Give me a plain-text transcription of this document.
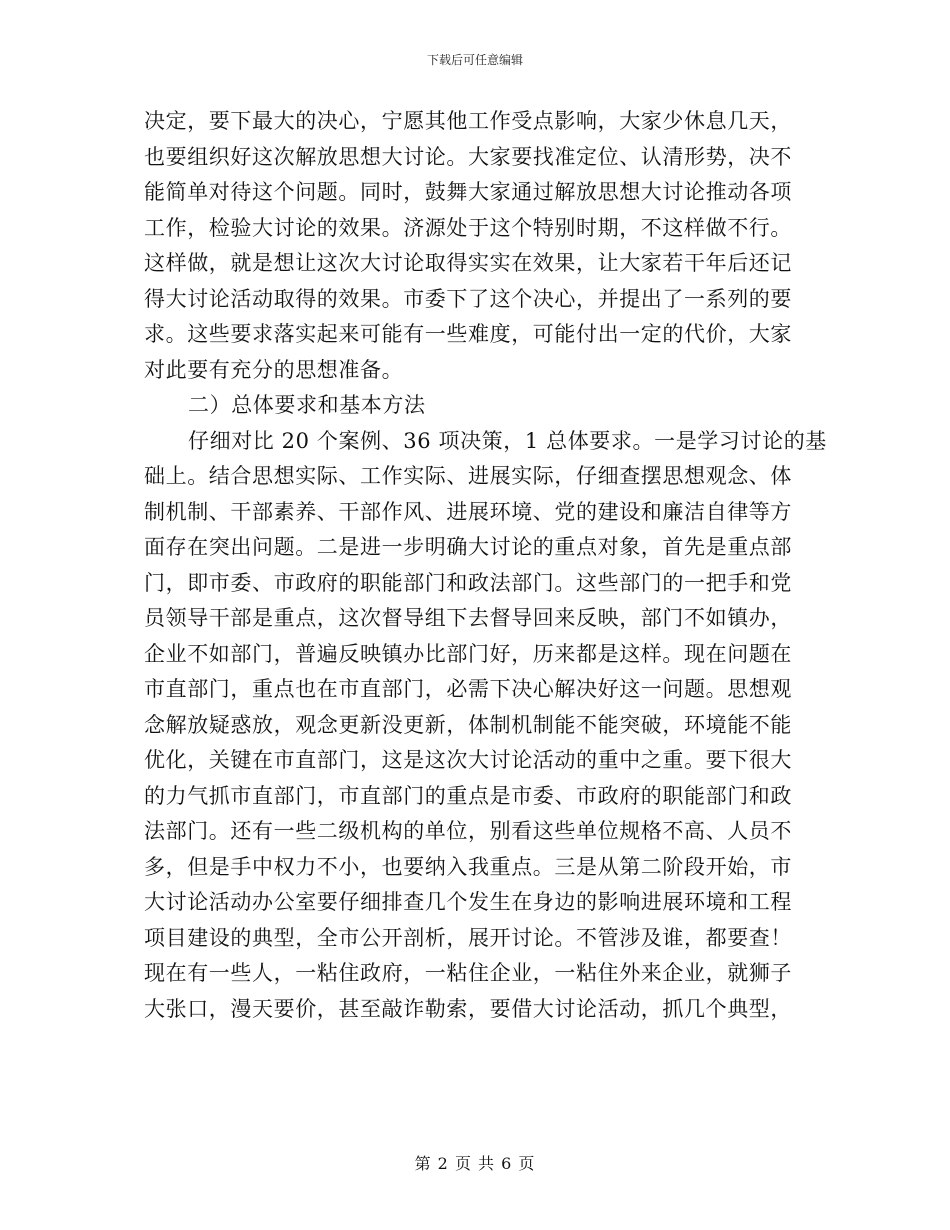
下载后可任意编辑
决定，要下最大的决心，宁愿其他工作受点影响，大家少休息几天，
也要组织好这次解放思想大讨论。大家要找准定位、认清形势，决不
能简单对待这个问题。同时，鼓舞大家通过解放思想大讨论推动各项
工作，检验大讨论的效果。济源处于这个特别时期，不这样做不行。
这样做，就是想让这次大讨论取得实实在效果，让大家若干年后还记
得大讨论活动取得的效果。市委下了这个决心，并提出了一系列的要
求。这些要求落实起来可能有一些难度，可能付出一定的代价，大家
对此要有充分的思想准备。
二）总体要求和基本方法
仔细对比 20 个案例、36 项决策，1 总体要求。一是学习讨论的基
础上。结合思想实际、工作实际、进展实际，仔细查摆思想观念、体
制机制、干部素养、干部作风、进展环境、党的建设和廉洁自律等方
面存在突出问题。二是进一步明确大讨论的重点对象，首先是重点部
门，即市委、市政府的职能部门和政法部门。这些部门的一把手和党
员领导干部是重点，这次督导组下去督导回来反映，部门不如镇办，
企业不如部门，普遍反映镇办比部门好，历来都是这样。现在问题在
市直部门，重点也在市直部门，必需下决心解决好这一问题。思想观
念解放疑惑放，观念更新没更新，体制机制能不能突破，环境能不能
优化，关键在市直部门，这是这次大讨论活动的重中之重。要下很大
的力气抓市直部门，市直部门的重点是市委、市政府的职能部门和政
法部门。还有一些二级机构的单位，别看这些单位规格不高、人员不
多，但是手中权力不小，也要纳入我重点。三是从第二阶段开始，市
大讨论活动办公室要仔细排查几个发生在身边的影响进展环境和工程
项目建设的典型，全市公开剖析，展开讨论。不管涉及谁，都要查！
现在有一些人，一粘住政府，一粘住企业，一粘住外来企业，就狮子
大张口，漫天要价，甚至敲诈勒索，要借大讨论活动，抓几个典型，
第 2 页 共 6 页
